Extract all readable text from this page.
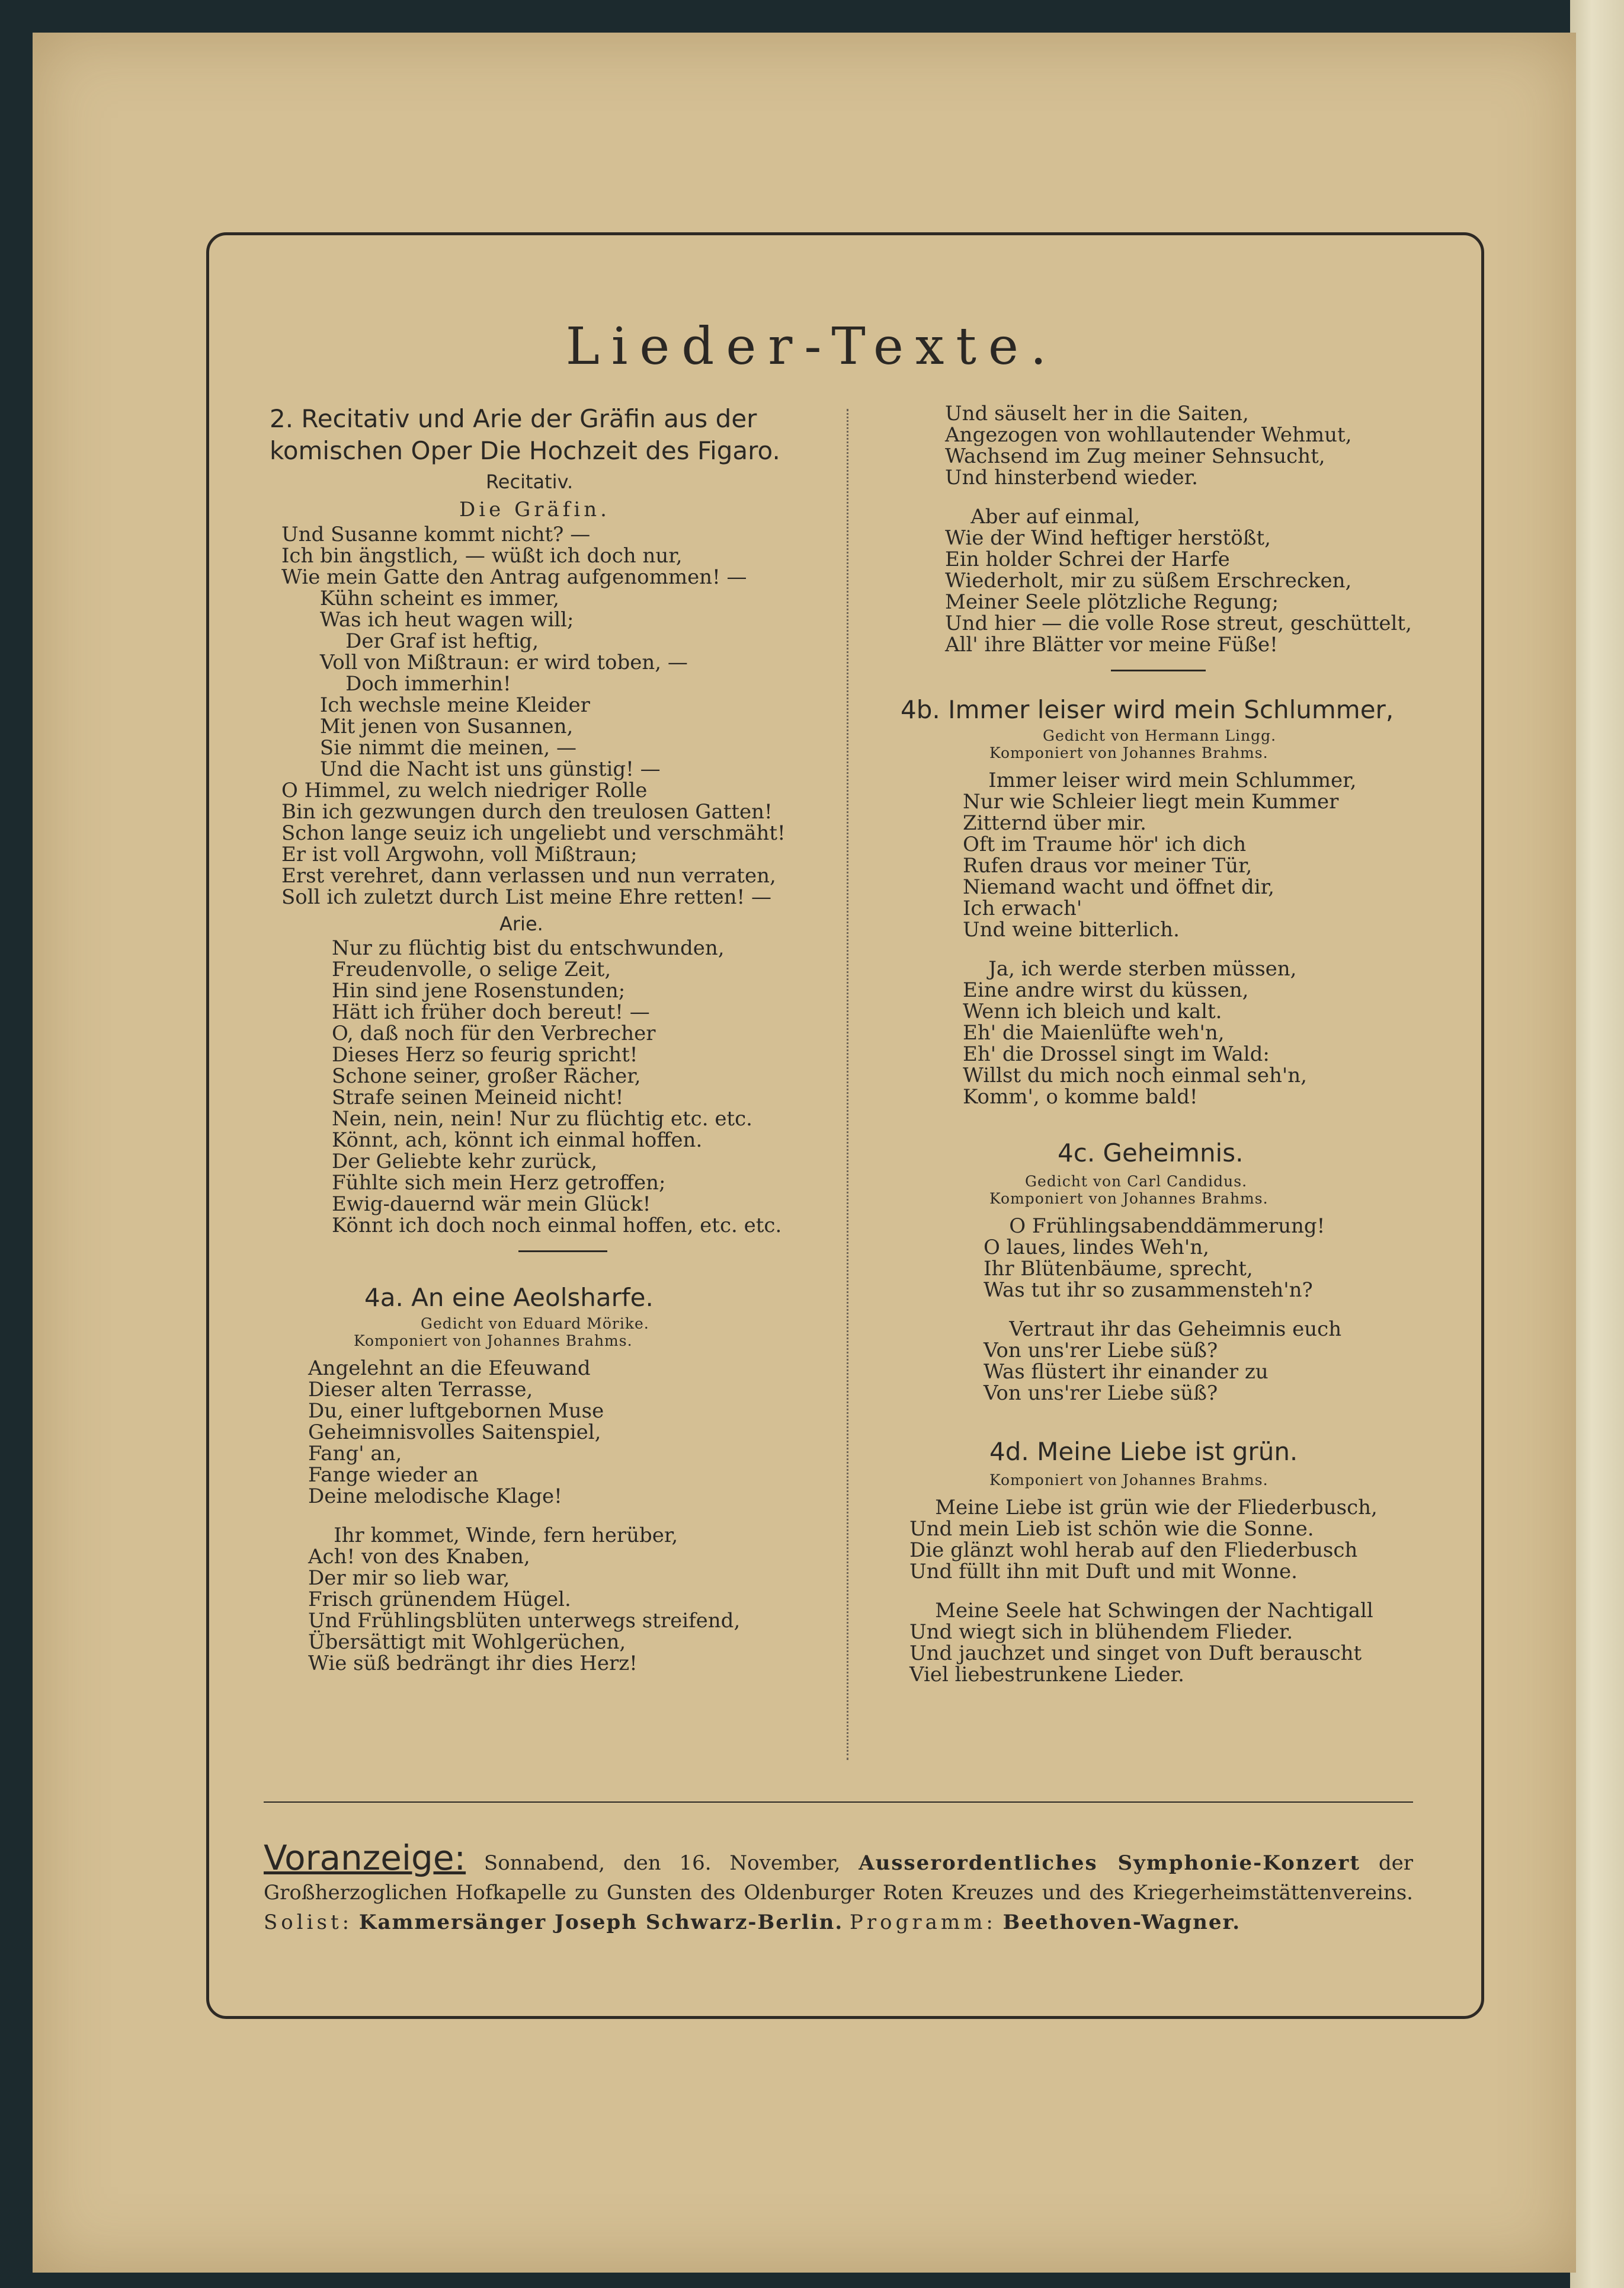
Lieder-Texte.
2. Recitativ und Arie der Gräfin aus der
komischen Oper Die Hochzeit des Figaro.
Recitativ.
Die Gräfin.
Und Susanne kommt nicht? —
Ich bin ängstlich, — wüßt ich doch nur,
Wie mein Gatte den Antrag aufgenommen! —
Kühn scheint es immer,
Was ich heut wagen will;
Der Graf ist heftig,
Voll von Mißtraun: er wird toben, —
Doch immerhin!
Ich wechsle meine Kleider
Mit jenen von Susannen,
Sie nimmt die meinen, —
Und die Nacht ist uns günstig! —
O Himmel, zu welch niedriger Rolle
Bin ich gezwungen durch den treulosen Gatten!
Schon lange seuiz ich ungeliebt und verschmäht!
Er ist voll Argwohn, voll Mißtraun;
Erst verehret, dann verlassen und nun verraten,
Soll ich zuletzt durch List meine Ehre retten! —
Arie.
Nur zu flüchtig bist du entschwunden,
Freudenvolle, o selige Zeit,
Hin sind jene Rosenstunden;
Hätt ich früher doch bereut! —
O, daß noch für den Verbrecher
Dieses Herz so feurig spricht!
Schone seiner, großer Rächer,
Strafe seinen Meineid nicht!
Nein, nein, nein! Nur zu flüchtig etc. etc.
Könnt, ach, könnt ich einmal hoffen.
Der Geliebte kehr zurück,
Fühlte sich mein Herz getroffen;
Ewig-dauernd wär mein Glück!
Könnt ich doch noch einmal hoffen, etc. etc.
4a. An eine Aeolsharfe.
Gedicht von Eduard Mörike.
Komponiert von Johannes Brahms.
Angelehnt an die Efeuwand
Dieser alten Terrasse,
Du, einer luftgebornen Muse
Geheimnisvolles Saitenspiel,
Fang' an,
Fange wieder an
Deine melodische Klage!
Ihr kommet, Winde, fern herüber,
Ach! von des Knaben,
Der mir so lieb war,
Frisch grünendem Hügel.
Und Frühlingsblüten unterwegs streifend,
Übersättigt mit Wohlgerüchen,
Wie süß bedrängt ihr dies Herz!
Und säuselt her in die Saiten,
Angezogen von wohllautender Wehmut,
Wachsend im Zug meiner Sehnsucht,
Und hinsterbend wieder.
Aber auf einmal,
Wie der Wind heftiger herstößt,
Ein holder Schrei der Harfe
Wiederholt, mir zu süßem Erschrecken,
Meiner Seele plötzliche Regung;
Und hier — die volle Rose streut, geschüttelt,
All' ihre Blätter vor meine Füße!
4b. Immer leiser wird mein Schlummer,
Gedicht von Hermann Lingg.
Komponiert von Johannes Brahms.
Immer leiser wird mein Schlummer,
Nur wie Schleier liegt mein Kummer
Zitternd über mir.
Oft im Traume hör' ich dich
Rufen draus vor meiner Tür,
Niemand wacht und öffnet dir,
Ich erwach'
Und weine bitterlich.
Ja, ich werde sterben müssen,
Eine andre wirst du küssen,
Wenn ich bleich und kalt.
Eh' die Maienlüfte weh'n,
Eh' die Drossel singt im Wald:
Willst du mich noch einmal seh'n,
Komm', o komme bald!
4c. Geheimnis.
Gedicht von Carl Candidus.
Komponiert von Johannes Brahms.
O Frühlingsabenddämmerung!
O laues, lindes Weh'n,
Ihr Blütenbäume, sprecht,
Was tut ihr so zusammensteh'n?
Vertraut ihr das Geheimnis euch
Von uns'rer Liebe süß?
Was flüstert ihr einander zu
Von uns'rer Liebe süß?
4d. Meine Liebe ist grün.
Komponiert von Johannes Brahms.
Meine Liebe ist grün wie der Fliederbusch,
Und mein Lieb ist schön wie die Sonne.
Die glänzt wohl herab auf den Fliederbusch
Und füllt ihn mit Duft und mit Wonne.
Meine Seele hat Schwingen der Nachtigall
Und wiegt sich in blühendem Flieder.
Und jauchzet und singet von Duft berauscht
Viel liebestrunkene Lieder.
Voranzeige: Sonnabend, den 16. November, Ausserordentliches Symphonie-Konzert der Großherzoglichen Hofkapelle zu Gunsten des Oldenburger Roten Kreuzes und des Kriegerheimstättenvereins. Solist: Kammersänger Joseph Schwarz-Berlin. Programm: Beethoven-Wagner.
